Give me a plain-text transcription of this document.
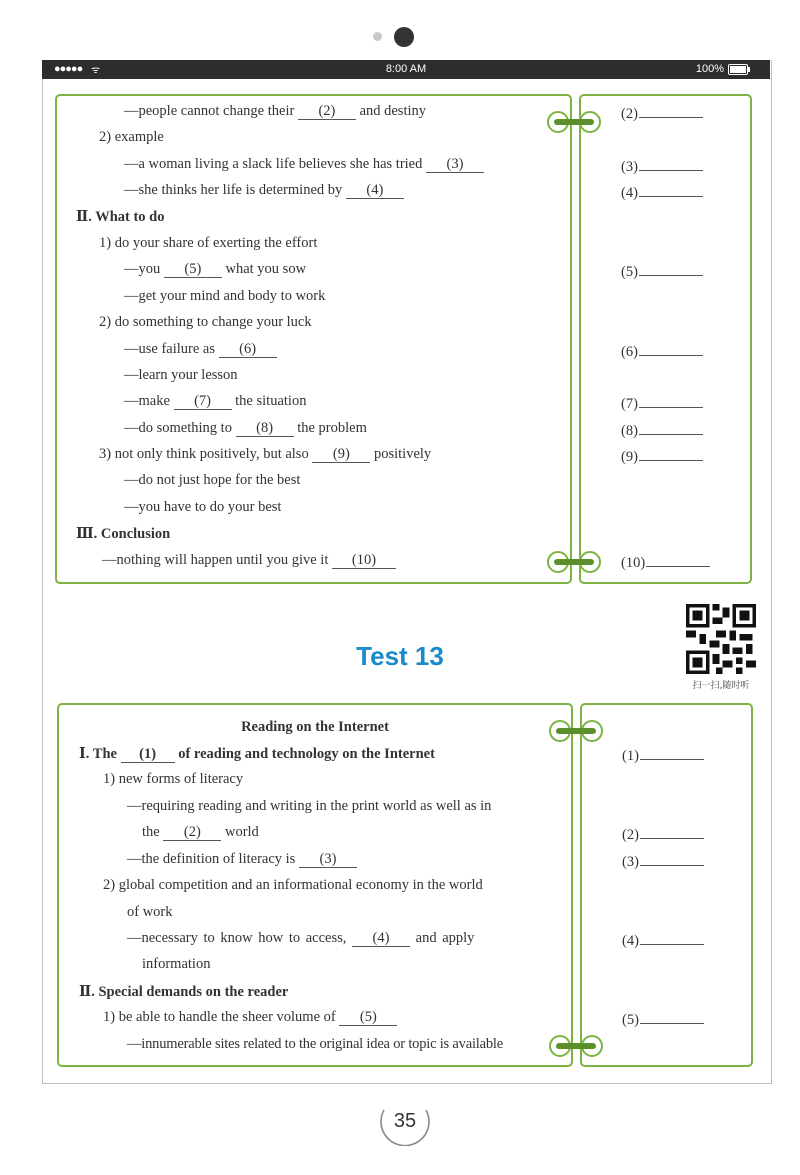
●●●●● ᯤ	8:00 AM	100%
—people cannot change their (2) and destiny
2) example
—a woman living a slack life believes she has tried (3)
—she thinks her life is determined by (4)
Ⅱ. What to do
1) do your share of exerting the effort
—you (5) what you sow
—get your mind and body to work
2) do something to change your luck
—use failure as (6)
—learn your lesson
—make (7) the situation
—do something to (8) the problem
3) not only think positively, but also (9) positively
—do not just hope for the best
—you have to do your best
Ⅲ. Conclusion
—nothing will happen until you give it (10)
(2)
(3)
(4)
(5)
(6)
(7)
(8)
(9)
(10)
Test 13
扫一扫,随时听
Reading on the Internet
Ⅰ. The (1) of reading and technology on the Internet
1) new forms of literacy
—requiring reading and writing in the print world as well as in
the (2) world
—the definition of literacy is (3)
2) global competition and an informational economy in the world
of work
—necessary to know how to access, (4) and apply
information
Ⅱ. Special demands on the reader
1) be able to handle the sheer volume of (5)
—innumerable sites related to the original idea or topic is available
(1)
(2)
(3)
(4)
(5)
35
